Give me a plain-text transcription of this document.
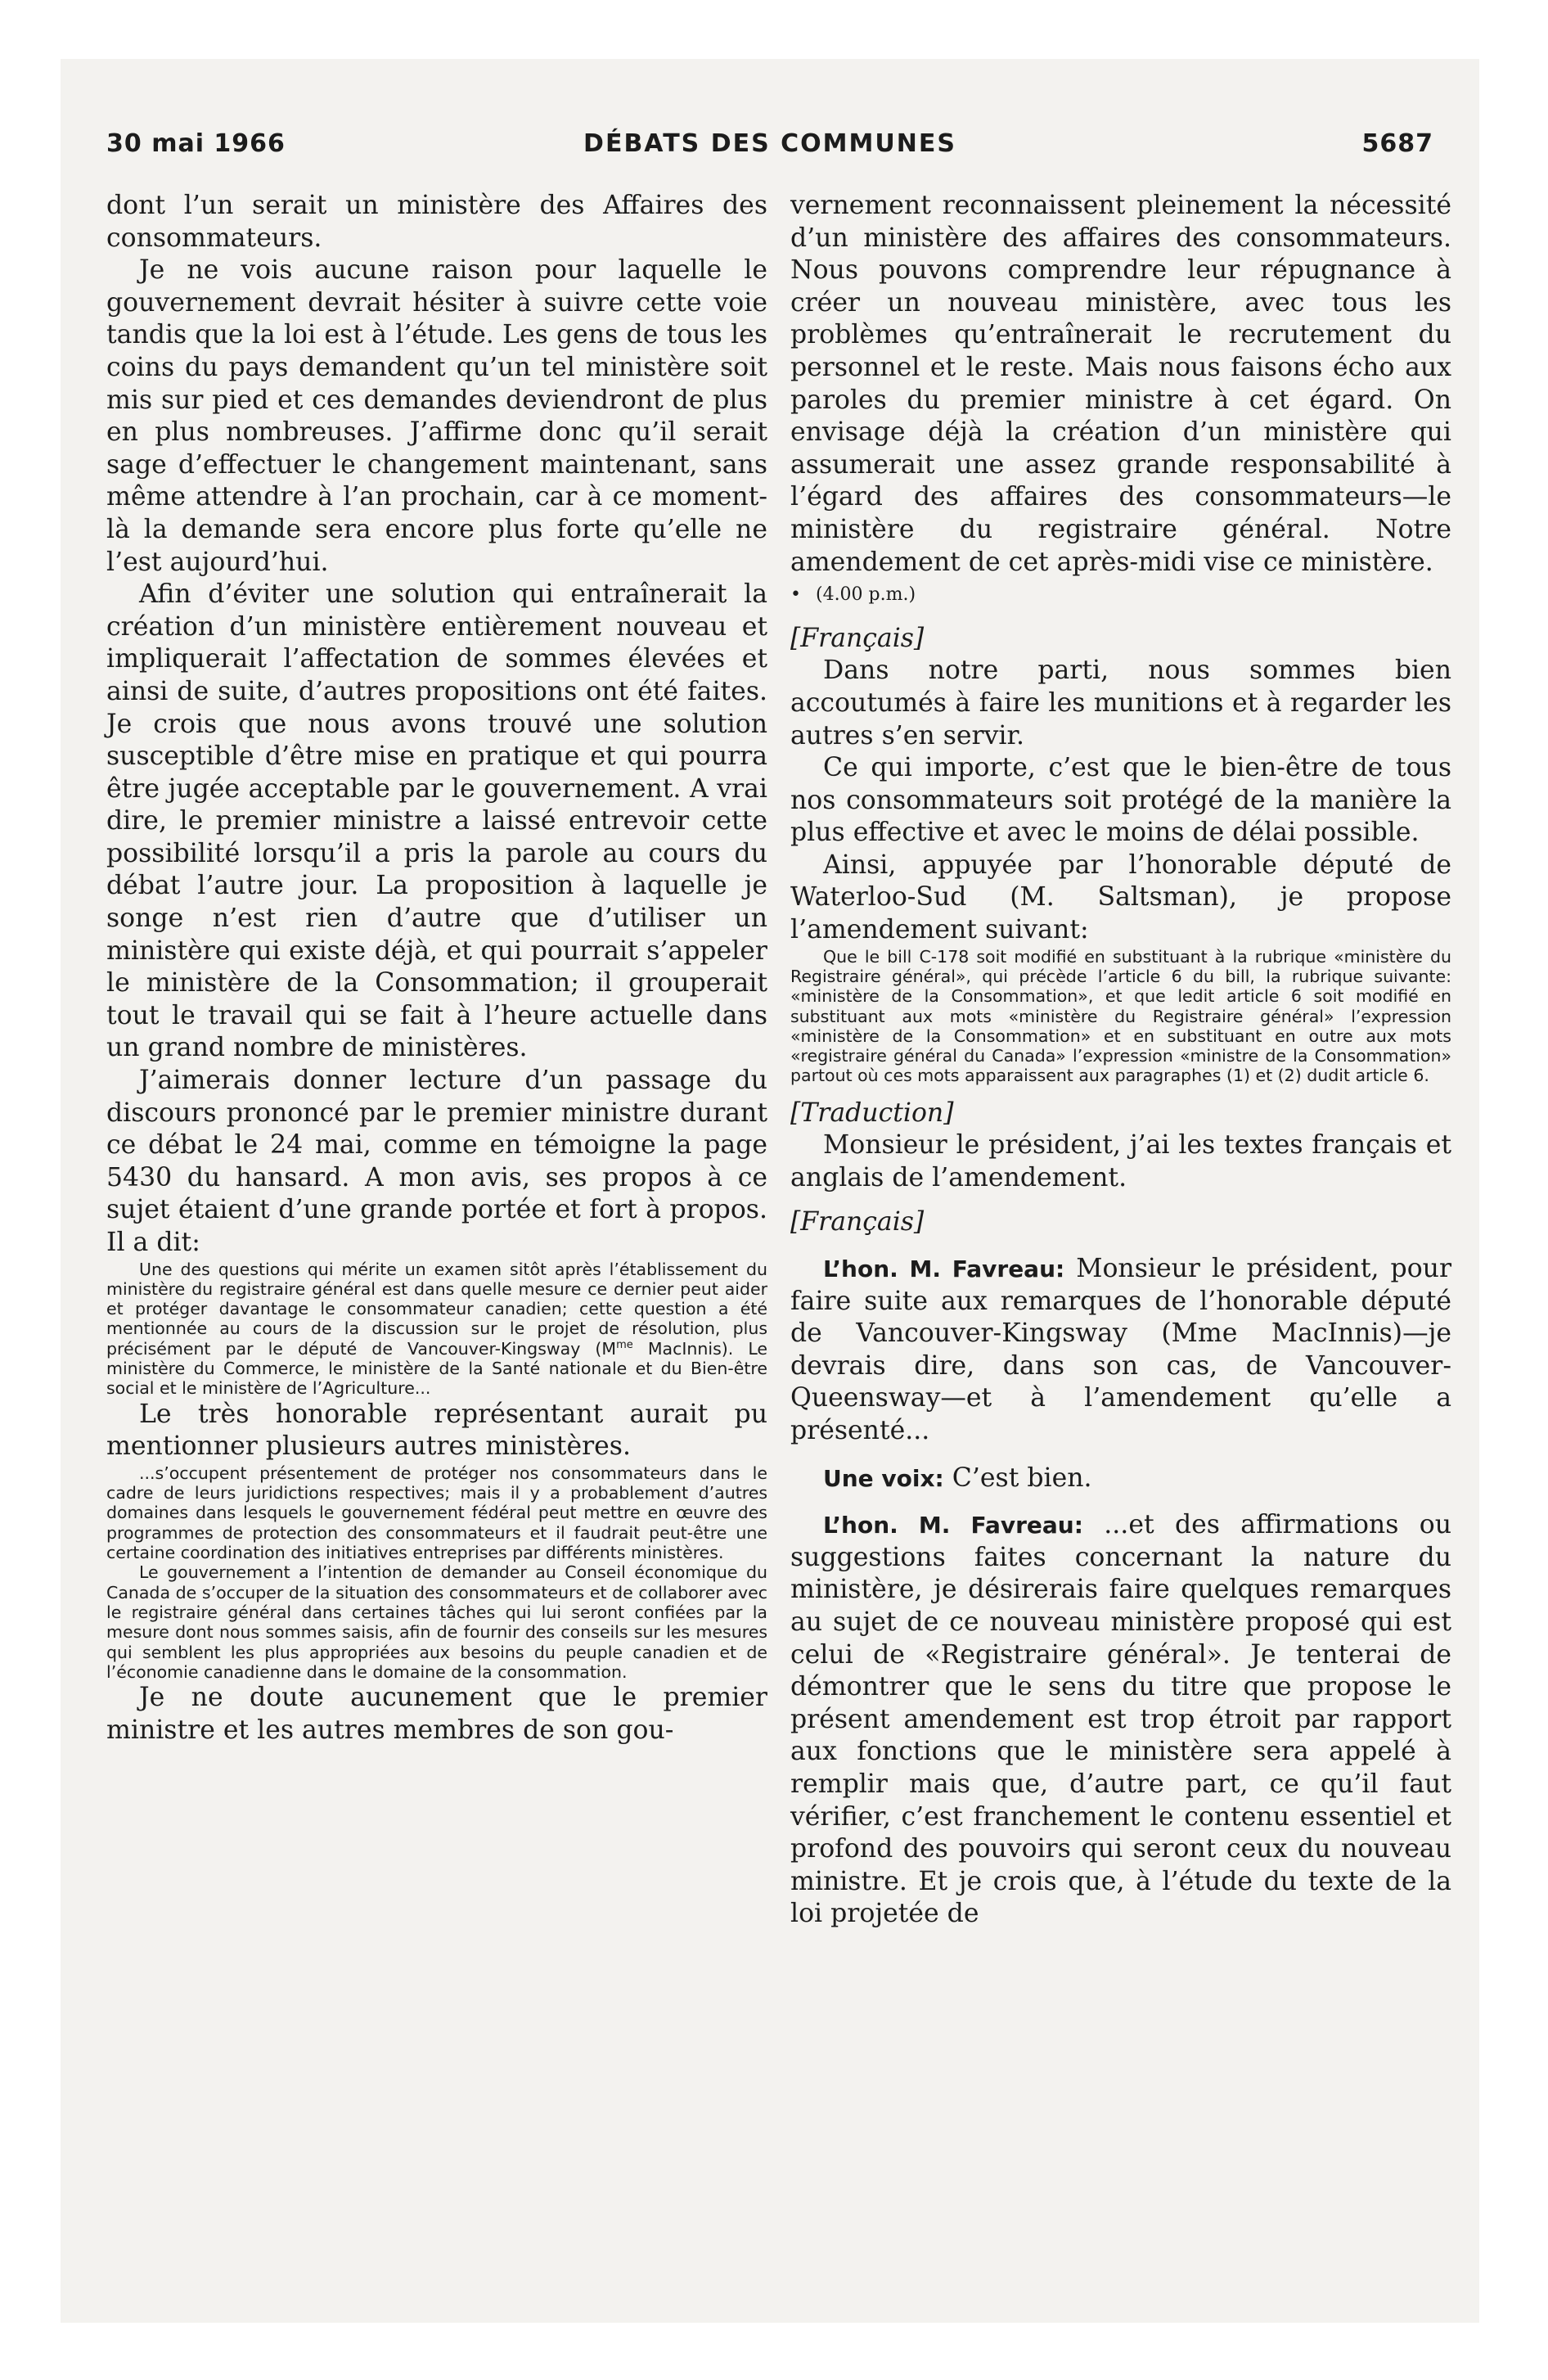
30 mai 1966	DÉBATS DES COMMUNES	5687

dont l’un serait un ministère des Affaires des consommateurs.

Je ne vois aucune raison pour laquelle le gouvernement devrait hésiter à suivre cette voie tandis que la loi est à l’étude. Les gens de tous les coins du pays demandent qu’un tel ministère soit mis sur pied et ces demandes deviendront de plus en plus nombreuses. J’affirme donc qu’il serait sage d’effectuer le changement maintenant, sans même attendre à l’an prochain, car à ce moment-là la demande sera encore plus forte qu’elle ne l’est aujourd’hui.

Afin d’éviter une solution qui entraînerait la création d’un ministère entièrement nouveau et impliquerait l’affectation de sommes élevées et ainsi de suite, d’autres propositions ont été faites. Je crois que nous avons trouvé une solution susceptible d’être mise en pratique et qui pourra être jugée acceptable par le gouvernement. A vrai dire, le premier ministre a laissé entrevoir cette possibilité lorsqu’il a pris la parole au cours du débat l’autre jour. La proposition à laquelle je songe n’est rien d’autre que d’utiliser un ministère qui existe déjà, et qui pourrait s’appeler le ministère de la Consommation; il grouperait tout le travail qui se fait à l’heure actuelle dans un grand nombre de ministères.

J’aimerais donner lecture d’un passage du discours prononcé par le premier ministre durant ce débat le 24 mai, comme en témoigne la page 5430 du hansard. A mon avis, ses propos à ce sujet étaient d’une grande portée et fort à propos. Il a dit:

Une des questions qui mérite un examen sitôt après l’établissement du ministère du registraire général est dans quelle mesure ce dernier peut aider et protéger davantage le consommateur canadien; cette question a été mentionnée au cours de la discussion sur le projet de résolution, plus précisément par le député de Vancouver-Kingsway ($M^{me}$ MacInnis). Le ministère du Commerce, le ministère de la Santé nationale et du Bien-être social et le ministère de l’Agriculture...

Le très honorable représentant aurait pu mentionner plusieurs autres ministères.

...s’occupent présentement de protéger nos consommateurs dans le cadre de leurs juridictions respectives; mais il y a probablement d’autres domaines dans lesquels le gouvernement fédéral peut mettre en œuvre des programmes de protection des consommateurs et il faudrait peut-être une certaine coordination des initiatives entreprises par différents ministères.

Le gouvernement a l’intention de demander au Conseil économique du Canada de s’occuper de la situation des consommateurs et de collaborer avec le registraire général dans certaines tâches qui lui seront confiées par la mesure dont nous sommes saisis, afin de fournir des conseils sur les mesures qui semblent les plus appropriées aux besoins du peuple canadien et de l’économie canadienne dans le domaine de la consommation.

Je ne doute aucunement que le premier ministre et les autres membres de son gou-

vernement reconnaissent pleinement la nécessité d’un ministère des affaires des consommateurs. Nous pouvons comprendre leur répugnance à créer un nouveau ministère, avec tous les problèmes qu’entraînerait le recrutement du personnel et le reste. Mais nous faisons écho aux paroles du premier ministre à cet égard. On envisage déjà la création d’un ministère qui assumerait une assez grande responsabilité à l’égard des affaires des consommateurs—le ministère du registraire général. Notre amendement de cet après-midi vise ce ministère.

• (4.00 p.m.)

[Français]

Dans notre parti, nous sommes bien accoutumés à faire les munitions et à regarder les autres s’en servir.

Ce qui importe, c’est que le bien-être de tous nos consommateurs soit protégé de la manière la plus effective et avec le moins de délai possible.

Ainsi, appuyée par l’honorable député de Waterloo-Sud (M. Saltsman), je propose l’amendement suivant:

Que le bill C-178 soit modifié en substituant à la rubrique «ministère du Registraire général», qui précède l’article 6 du bill, la rubrique suivante: «ministère de la Consommation», et que ledit article 6 soit modifié en substituant aux mots «ministère du Registraire général» l’expression «ministère de la Consommation» et en substituant en outre aux mots «registraire général du Canada» l’expression «ministre de la Consommation» partout où ces mots apparaissent aux paragraphes (1) et (2) dudit article 6.

[Traduction]

Monsieur le président, j’ai les textes français et anglais de l’amendement.

[Français]

L’hon. M. Favreau: Monsieur le président, pour faire suite aux remarques de l’honorable député de Vancouver-Kingsway (Mme MacInnis)—je devrais dire, dans son cas, de Vancouver-Queensway—et à l’amendement qu’elle a présenté...

Une voix: C’est bien.

L’hon. M. Favreau: ...et des affirmations ou suggestions faites concernant la nature du ministère, je désirerais faire quelques remarques au sujet de ce nouveau ministère proposé qui est celui de «Registraire général». Je tenterai de démontrer que le sens du titre que propose le présent amendement est trop étroit par rapport aux fonctions que le ministère sera appelé à remplir mais que, d’autre part, ce qu’il faut vérifier, c’est franchement le contenu essentiel et profond des pouvoirs qui seront ceux du nouveau ministre. Et je crois que, à l’étude du texte de la loi projetée de
